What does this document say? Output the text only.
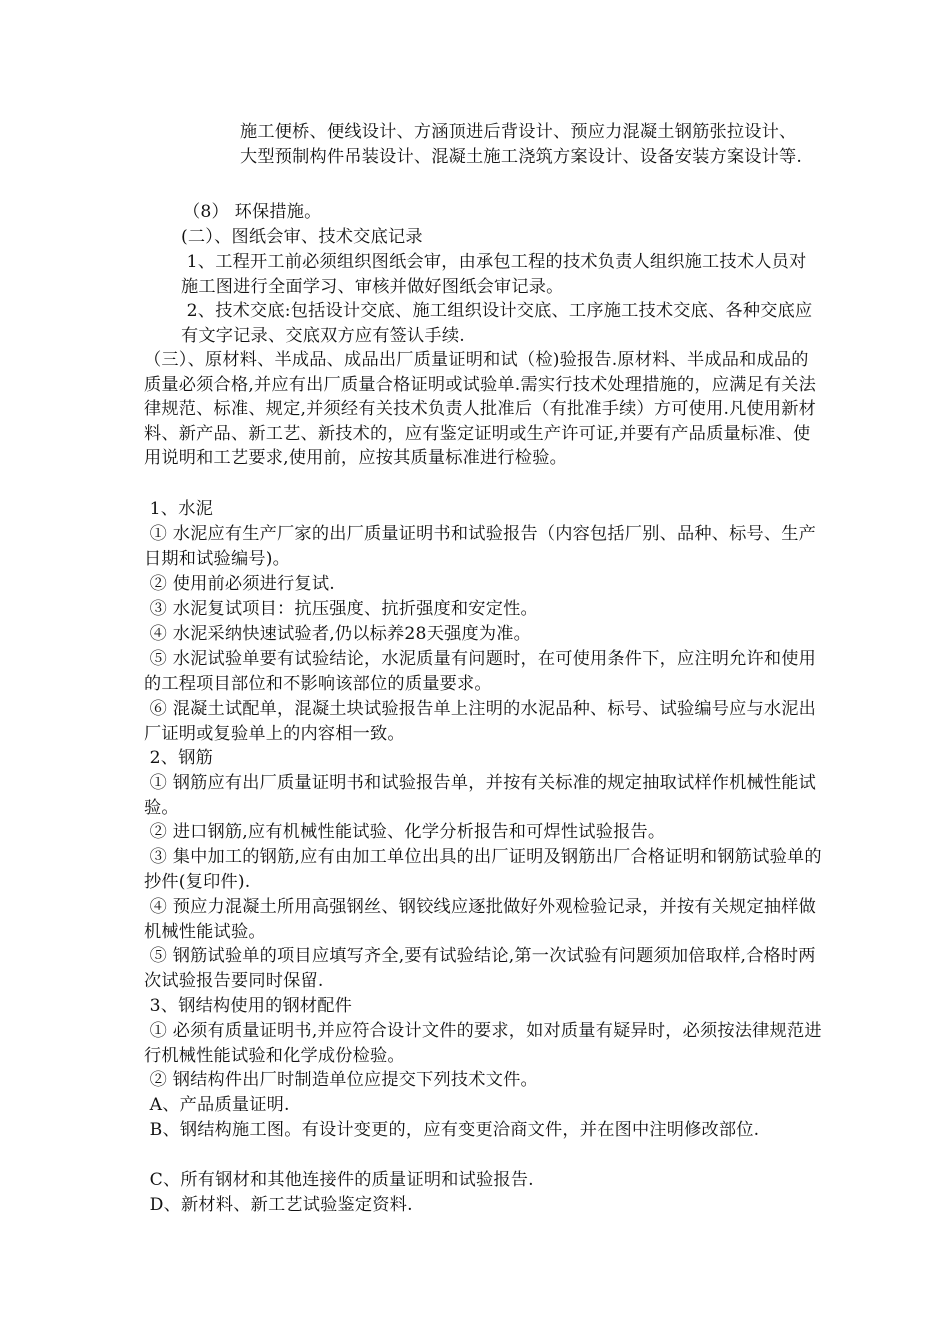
施工便桥、便线设计、方涵顶进后背设计、预应力混凝土钢筋张拉设计、大型预制构件吊装设计、混凝土施工浇筑方案设计、设备安装方案设计等.

（8） 环保措施。

(二）、图纸会审、技术交底记录

1、工程开工前必须组织图纸会审，由承包工程的技术负责人组织施工技术人员对施工图进行全面学习、审核并做好图纸会审记录。

2、技术交底:包括设计交底、施工组织设计交底、工序施工技术交底、各种交底应有文字记录、交底双方应有签认手续.

（三）、原材料、半成品、成品出厂质量证明和试（检)验报告.原材料、半成品和成品的质量必须合格,并应有出厂质量合格证明或试验单.需实行技术处理措施的，应满足有关法律规范、标准、规定,并须经有关技术负责人批准后（有批准手续）方可使用.凡使用新材料、新产品、新工艺、新技术的，应有鉴定证明或生产许可证,并要有产品质量标准、使用说明和工艺要求,使用前，应按其质量标准进行检验。

1、水泥

① 水泥应有生产厂家的出厂质量证明书和试验报告（内容包括厂别、品种、标号、生产日期和试验编号)。

② 使用前必须进行复试.

③ 水泥复试项目：抗压强度、抗折强度和安定性。

④ 水泥采纳快速试验者,仍以标养28天强度为准。

⑤ 水泥试验单要有试验结论，水泥质量有问题时，在可使用条件下，应注明允许和使用的工程项目部位和不影响该部位的质量要求。

⑥ 混凝土试配单，混凝土块试验报告单上注明的水泥品种、标号、试验编号应与水泥出厂证明或复验单上的内容相一致。

2、钢筋

① 钢筋应有出厂质量证明书和试验报告单，并按有关标准的规定抽取试样作机械性能试验。

② 进口钢筋,应有机械性能试验、化学分析报告和可焊性试验报告。

③ 集中加工的钢筋,应有由加工单位出具的出厂证明及钢筋出厂合格证明和钢筋试验单的抄件(复印件).

④ 预应力混凝土所用高强钢丝、钢铰线应逐批做好外观检验记录，并按有关规定抽样做机械性能试验。

⑤ 钢筋试验单的项目应填写齐全,要有试验结论,第一次试验有问题须加倍取样,合格时两次试验报告要同时保留.

3、钢结构使用的钢材配件

① 必须有质量证明书,并应符合设计文件的要求，如对质量有疑异时，必须按法律规范进行机械性能试验和化学成份检验。

② 钢结构件出厂时制造单位应提交下列技术文件。

A、产品质量证明.

B、钢结构施工图。有设计变更的，应有变更洽商文件，并在图中注明修改部位.

C、所有钢材和其他连接件的质量证明和试验报告.

D、新材料、新工艺试验鉴定资料.
